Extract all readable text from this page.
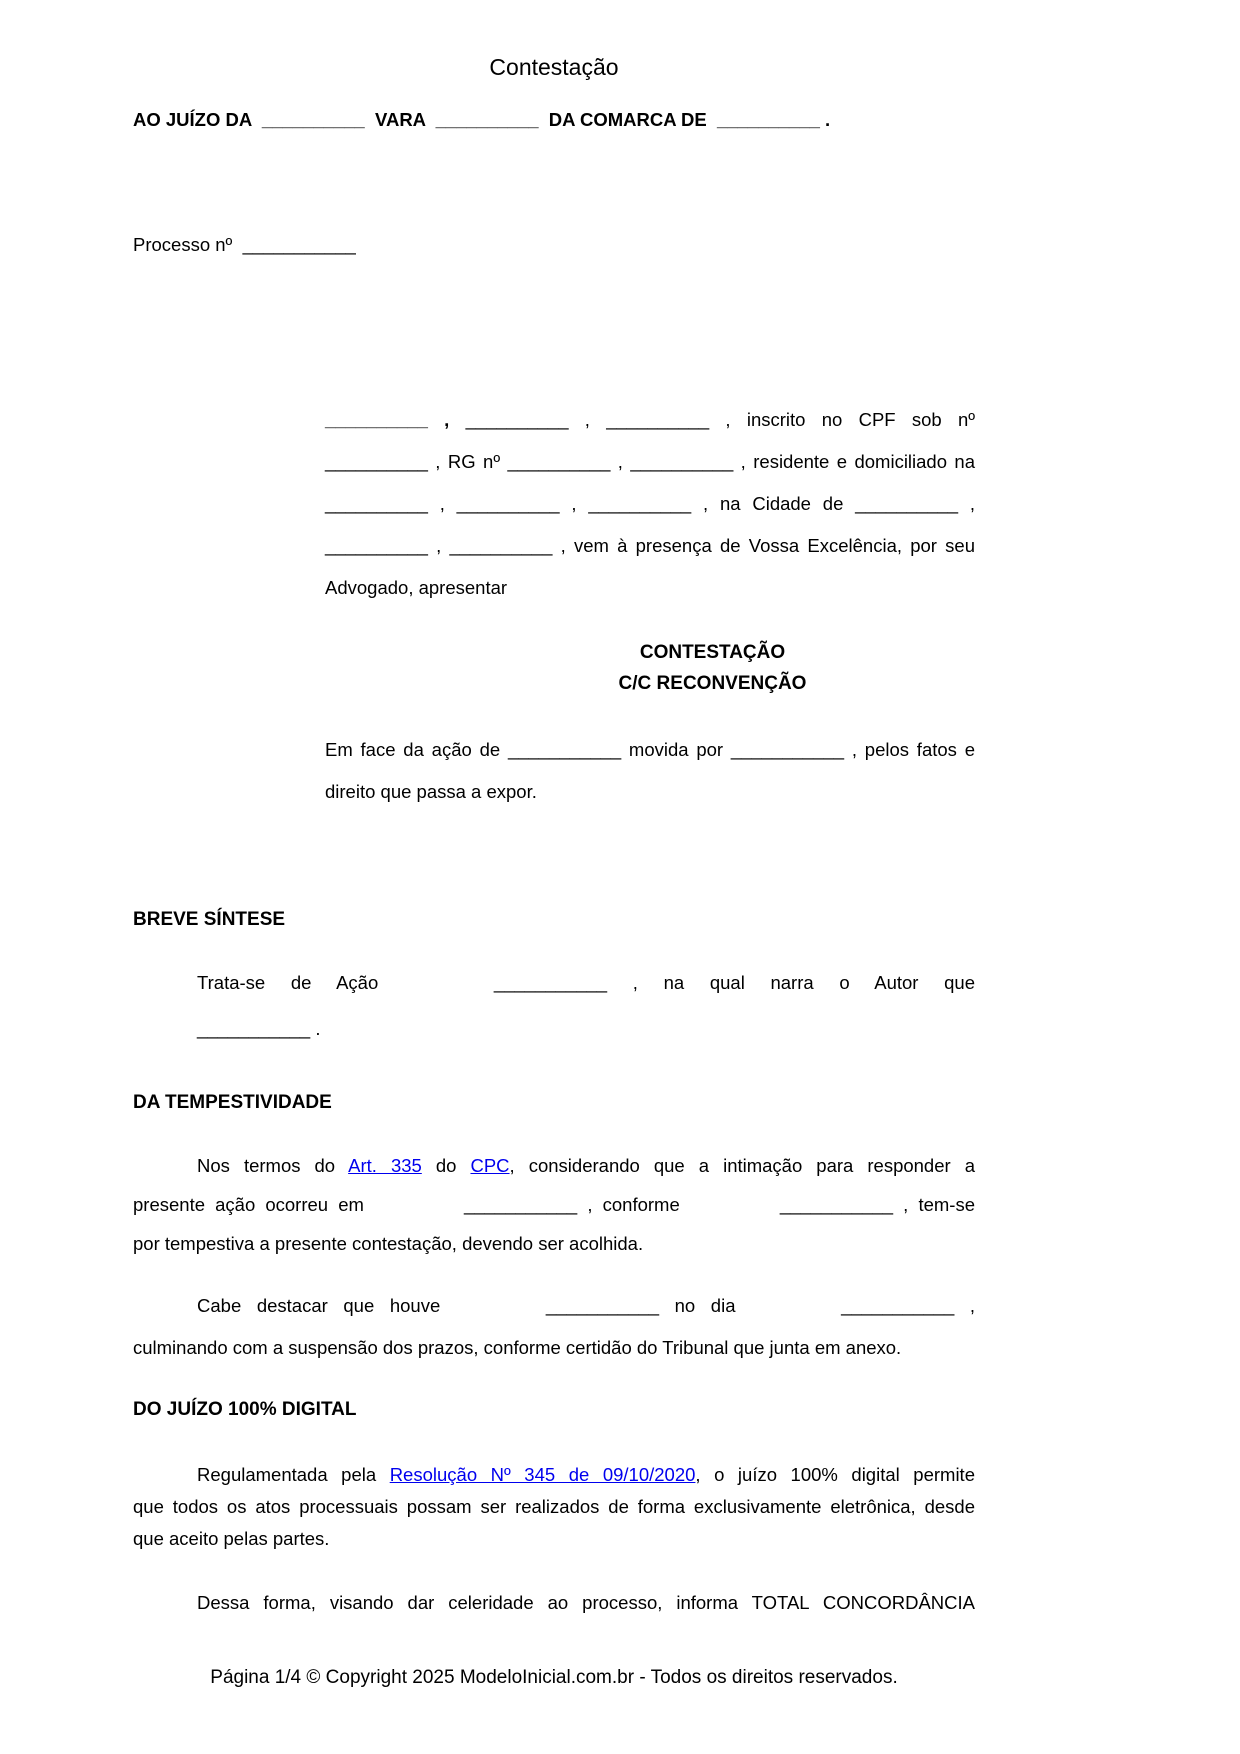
Contestação
AO JUÍZO DA  __________  VARA  __________  DA COMARCA DE  __________ .
Processo nº  ___________
__________ , __________ , __________ , inscrito no CPF sob nº
__________ , RG nº __________ , __________ , residente e domiciliado na
__________ , __________ , __________ , na Cidade de __________ ,
__________ , __________ , vem à presença de Vossa Excelência, por seu
Advogado, apresentar
CONTESTAÇÃO
C/C RECONVENÇÃO
Em face da ação de ___________ movida por ___________ , pelos fatos e
direito que passa a expor.
BREVE SÍNTESE
Trata-se de Ação	___________ , na qual narra o Autor que
___________ .
DA TEMPESTIVIDADE
Nos termos do Art. 335 do CPC, considerando que a intimação para responder a
presente ação ocorreu em	___________ , conforme	___________ , tem-se
por tempestiva a presente contestação, devendo ser acolhida.
Cabe destacar que houve	___________ no dia	___________ ,
culminando com a suspensão dos prazos, conforme certidão do Tribunal que junta em anexo.
DO JUÍZO 100% DIGITAL
Regulamentada pela Resolução Nº 345 de 09/10/2020, o juízo 100% digital permite
que todos os atos processuais possam ser realizados de forma exclusivamente eletrônica, desde
que aceito pelas partes.
Dessa forma, visando dar celeridade ao processo, informa TOTAL CONCORDÂNCIA
Página 1/4 © Copyright 2025 ModeloInicial.com.br - Todos os direitos reservados.
